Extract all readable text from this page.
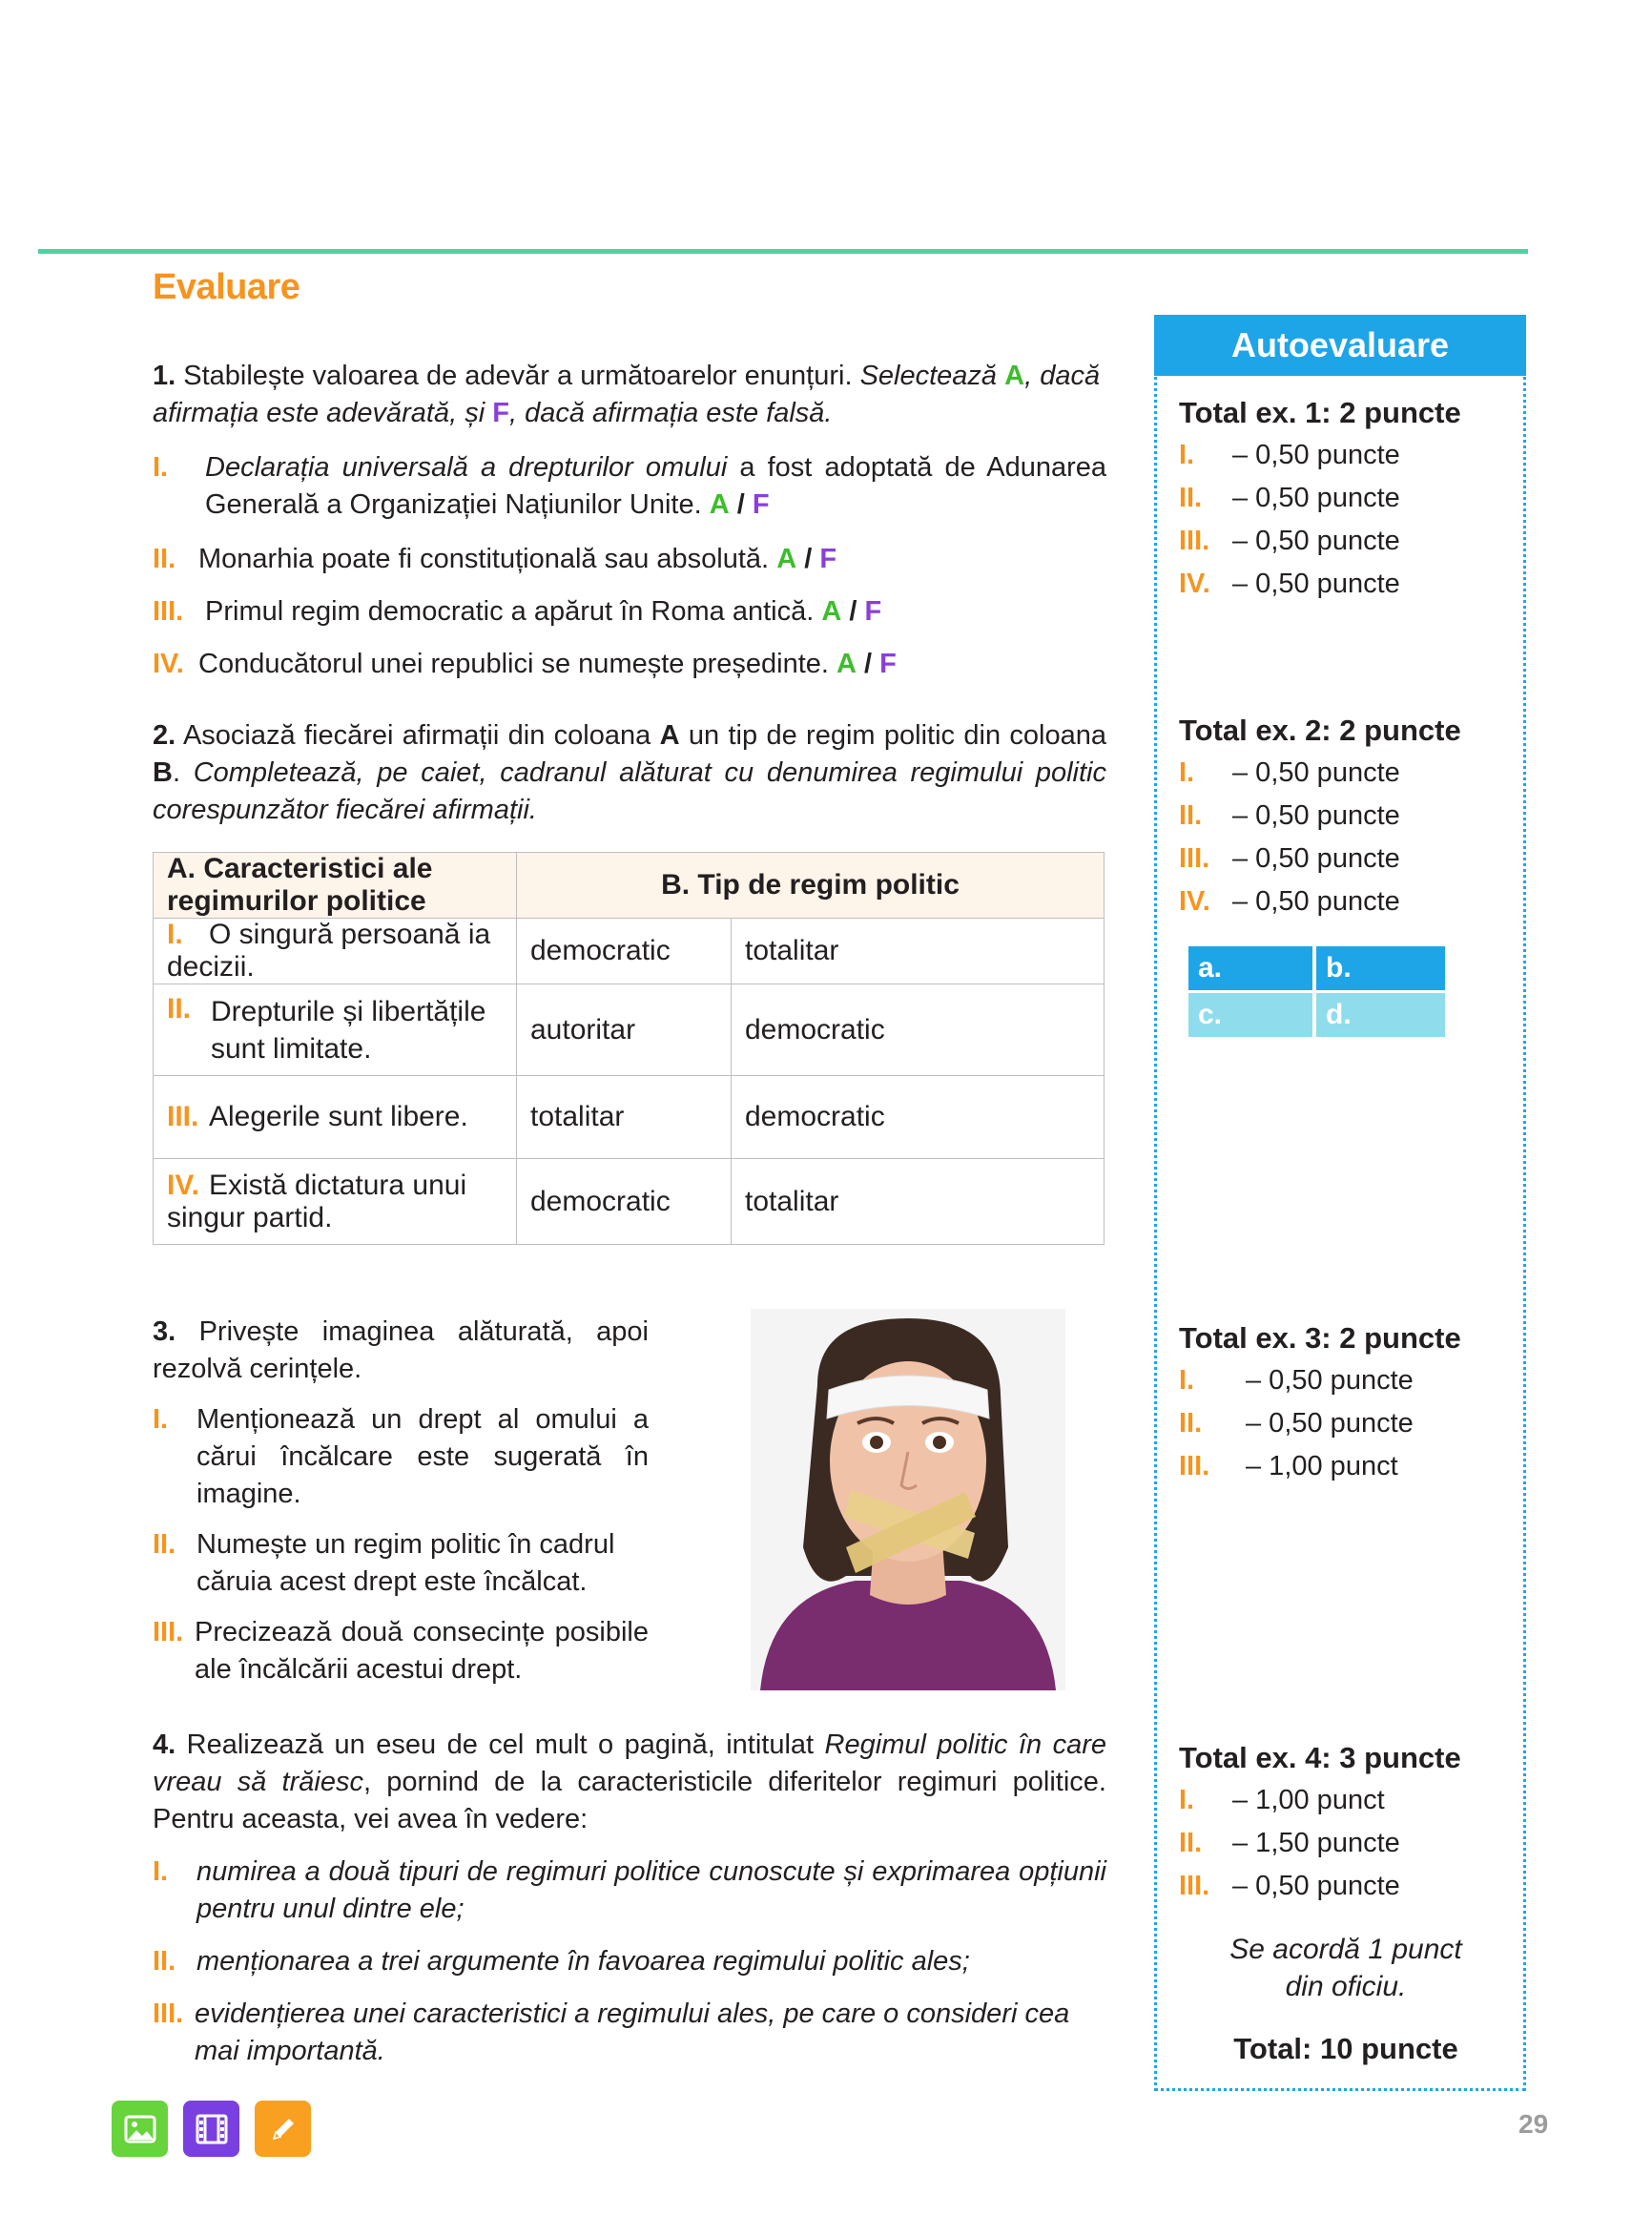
Evaluare
1. Stabilește valoarea de adevăr a următoarelor enunțuri. Selectează A, dacă afirmația este adevărată, și F, dacă afirmația este falsă.
I.	Declarația universală a drepturilor omului a fost adoptată de Adunarea Generală a Organizației Națiunilor Unite. A / F
II. Monarhia poate fi constituțională sau absolută. A / F
III. Primul regim democratic a apărut în Roma antică. A / F
IV. Conducătorul unei republici se numește președinte. A / F
2. Asociază fiecărei afirmații din coloana A un tip de regim politic din coloana B. Completează, pe caiet, cadranul alăturat cu denumirea regimului politic corespunzător fiecărei afirmații.
A. Caracteristici ale regimurilor politice	B. Tip de regim politic	
I. O singură persoană ia decizii.	democratic	totalitar

II. Drepturile și libertățile sunt limitate.	autoritar	democratic
III. Alegerile sunt libere.	totalitar	democratic
IV. Există dictatura unui singur partid.	democratic	totalitar
3. Privește imaginea alăturată, apoi rezolvă cerințele.
I.	Menționează un drept al omului a cărui încălcare este sugerată în imagine.
II. Numește un regim politic în cadrul căruia acest drept este încălcat.
III. Precizează două consecințe posibile ale încălcării acestui drept.
4. Realizează un eseu de cel mult o pagină, intitulat Regimul politic în care vreau să trăiesc, pornind de la caracteristicile diferitelor regimuri politice. Pentru aceasta, vei avea în vedere:
I.	numirea a două tipuri de regimuri politice cunoscute și exprimarea opțiunii pentru unul dintre ele;
II. menționarea a trei argumente în favoarea regimului politic ales;
III. evidențierea unei caracteristici a regimului ales, pe care o consideri cea mai importantă.
Autoevaluare
Total ex. 1: 2 puncte
I. – 0,50 puncte
II. – 0,50 puncte
III. – 0,50 puncte
IV. – 0,50 puncte
Total ex. 2: 2 puncte
I. – 0,50 puncte
II. – 0,50 puncte
III. – 0,50 puncte
IV. – 0,50 puncte
a.	b.
c.	d.
Total ex. 3: 2 puncte
I. – 0,50 puncte
II. – 0,50 puncte
III. – 1,00 punct
Total ex. 4: 3 puncte
I. – 1,00 punct
II. – 1,50 puncte
III. – 0,50 puncte
Se acordă 1 punct din oficiu.
Total: 10 puncte
29
